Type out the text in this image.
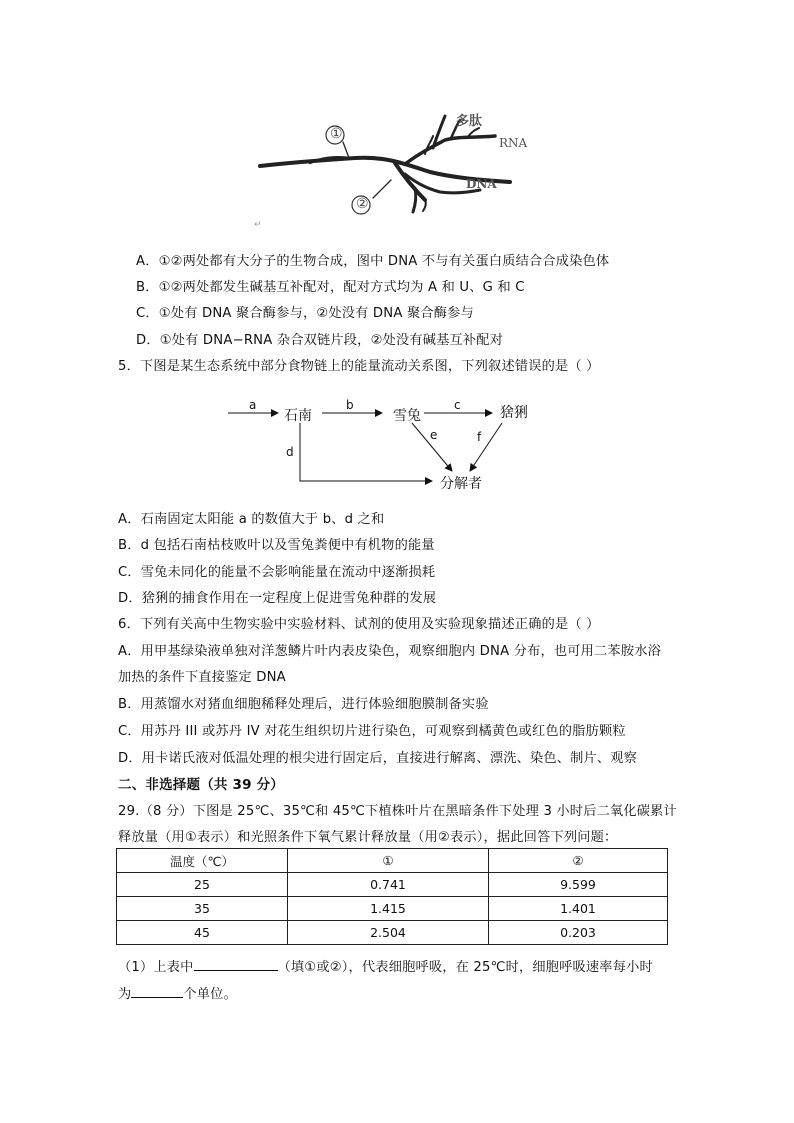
①
②
多肽
RNA
DNA
↵
A．①②两处都有大分子的生物合成，图中 DNA 不与有关蛋白质结合合成染色体
B．①②两处都发生碱基互补配对，配对方式均为 A 和 U、G 和 C
C．①处有 DNA 聚合酶参与，②处没有 DNA 聚合酶参与
D．①处有 DNA−RNA 杂合双链片段，②处没有碱基互补配对
5．下图是某生态系统中部分食物链上的能量流动关系图，下列叙述错误的是（ ）
a	b	c
d
e	f
石南	雪兔	猞猁
分解者
A．石南固定太阳能 a 的数值大于 b、d 之和
B．d 包括石南枯枝败叶以及雪兔粪便中有机物的能量
C．雪兔未同化的能量不会影响能量在流动中逐渐损耗
D．猞猁的捕食作用在一定程度上促进雪兔种群的发展
6．下列有关高中生物实验中实验材料、试剂的使用及实验现象描述正确的是（ ）
A．用甲基绿染液单独对洋葱鳞片叶内表皮染色，观察细胞内 DNA 分布，也可用二苯胺水浴
加热的条件下直接鉴定 DNA
B．用蒸馏水对猪血细胞稀释处理后，进行体验细胞膜制备实验
C．用苏丹 III 或苏丹 IV 对花生组织切片进行染色，可观察到橘黄色或红色的脂肪颗粒
D．用卡诺氏液对低温处理的根尖进行固定后，直接进行解离、漂洗、染色、制片、观察
二、非选择题（共 39 分）
29.（8 分）下图是 25℃、35℃和 45℃下植株叶片在黑暗条件下处理 3 小时后二氧化碳累计
释放量（用①表示）和光照条件下氧气累计释放量（用②表示），据此回答下列问题：
温度（℃）	①	②
25	0.741	9.599
35	1.415	1.401
45	2.504	0.203
（1）上表中	（填①或②），代表细胞呼吸，在 25℃时，细胞呼吸速率每小时
为	个单位。
